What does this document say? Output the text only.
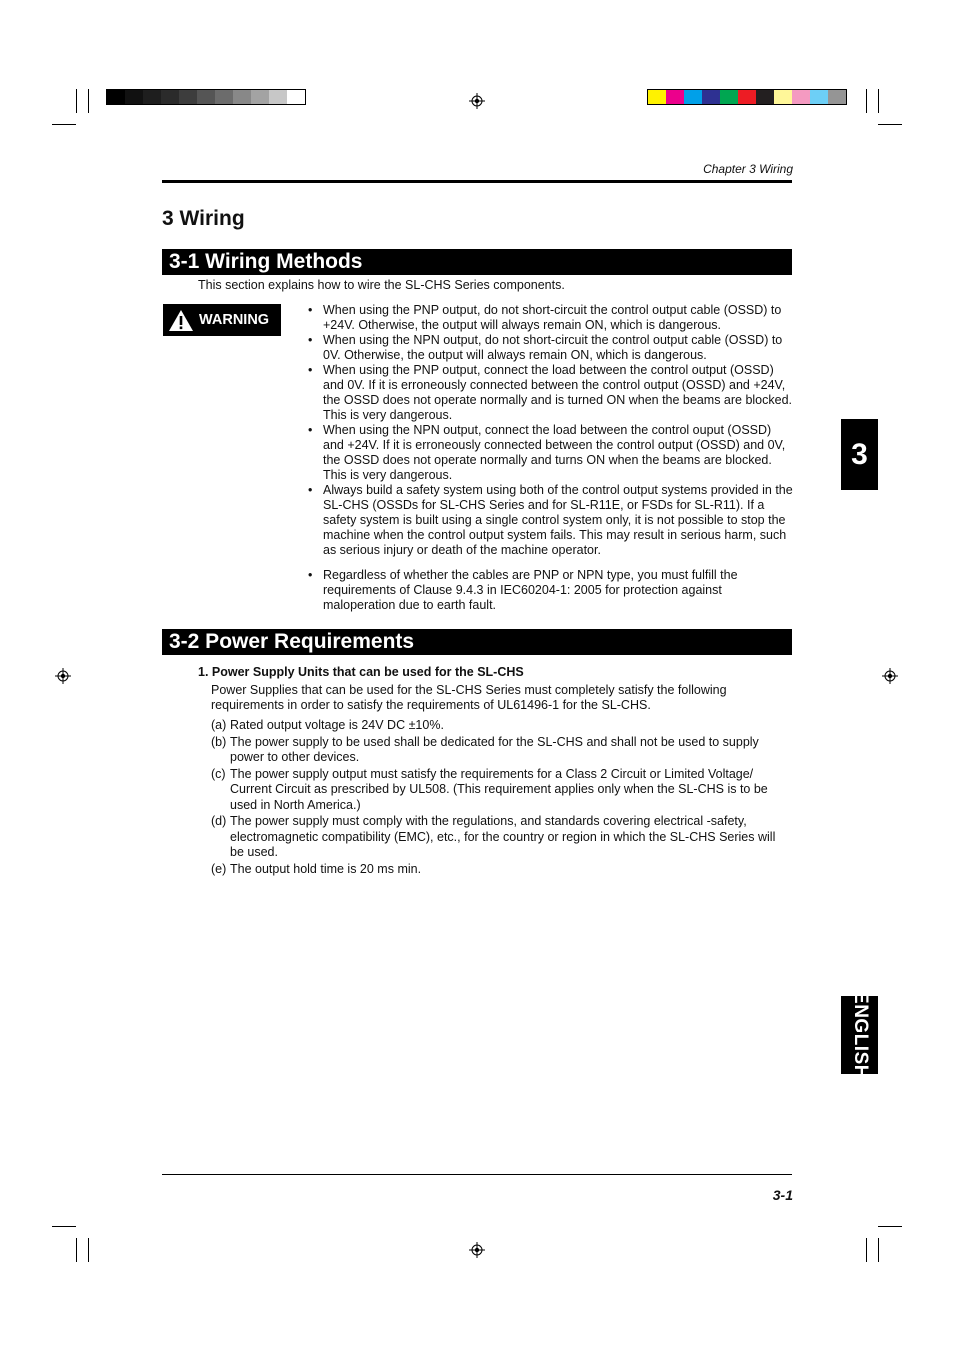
Chapter 3 Wiring
3 Wiring
3-1 Wiring Methods
This section explains how to wire the SL-CHS Series components.
WARNING
• When using the PNP output, do not short-circuit the control output cable (OSSD) to +24V. Otherwise, the output will always remain ON, which is dangerous.
• When using the NPN output, do not short-circuit the control output cable (OSSD) to 0V. Otherwise, the output will always remain ON, which is dangerous.
• When using the PNP output, connect the load between the control output (OSSD) and 0V. If it is erroneously connected between the control output (OSSD) and +24V, the OSSD does not operate normally and is turned ON when the beams are blocked. This is very dangerous.
• When using the NPN output, connect the load between the control ouput (OSSD) and +24V. If it is erroneously connected between the control output (OSSD) and 0V, the OSSD does not operate normally and turns ON when the beams are blocked. This is very dangerous.
• Always build a safety system using both of the control output systems provided in the SL-CHS (OSSDs for SL-CHS Series and for SL-R11E, or FSDs for SL-R11). If a safety system is built using a single control system only, it is not possible to stop the machine when the control output system fails. This may result in serious harm, such as serious injury or death of the machine operator.
• Regardless of whether the cables are PNP or NPN type, you must fulfill the requirements of Clause 9.4.3 in IEC60204-1: 2005 for protection against maloperation due to earth fault.
3-2 Power Requirements
1. Power Supply Units that can be used for the SL-CHS
Power Supplies that can be used for the SL-CHS Series must completely satisfy the following requirements in order to satisfy the requirements of UL61496-1 for the SL-CHS.
(a) Rated output voltage is 24V DC ±10%.
(b) The power supply to be used shall be dedicated for the SL-CHS and shall not be used to supply power to other devices.
(c) The power supply output must satisfy the requirements for a Class 2 Circuit or Limited Voltage/ Current Circuit as prescribed by UL508. (This requirement applies only when the SL-CHS is to be used in North America.)
(d) The power supply must comply with the regulations, and standards covering electrical -safety, electromagnetic compatibility (EMC), etc., for the country or region in which the SL-CHS Series will be used.
(e) The output hold time is 20 ms min.
3
ENGLISH
3-1
